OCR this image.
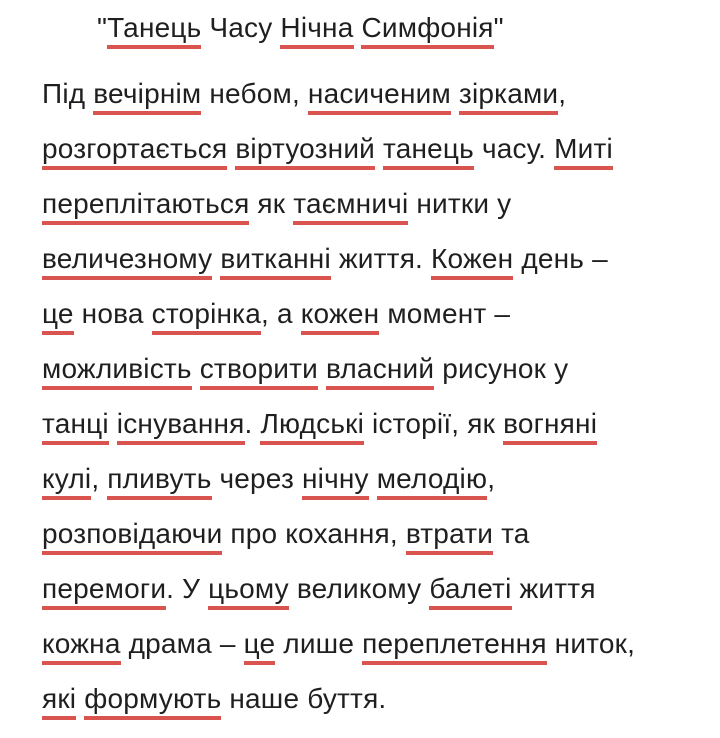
"Танець Часу Нічна Симфонія"
Під вечірнім небом, насиченим зірками,
розгортається віртуозний танець часу. Миті
переплітаються як таємничі нитки у
величезному витканні життя. Кожен день –
це нова сторінка, а кожен момент –
можливість створити власний рисунок у
танці існування. Людські історії, як вогняні
кулі, пливуть через нічну мелодію,
розповідаючи про кохання, втрати та
перемоги. У цьому великому балеті життя
кожна драма – це лише переплетення ниток,
які формують наше буття.
